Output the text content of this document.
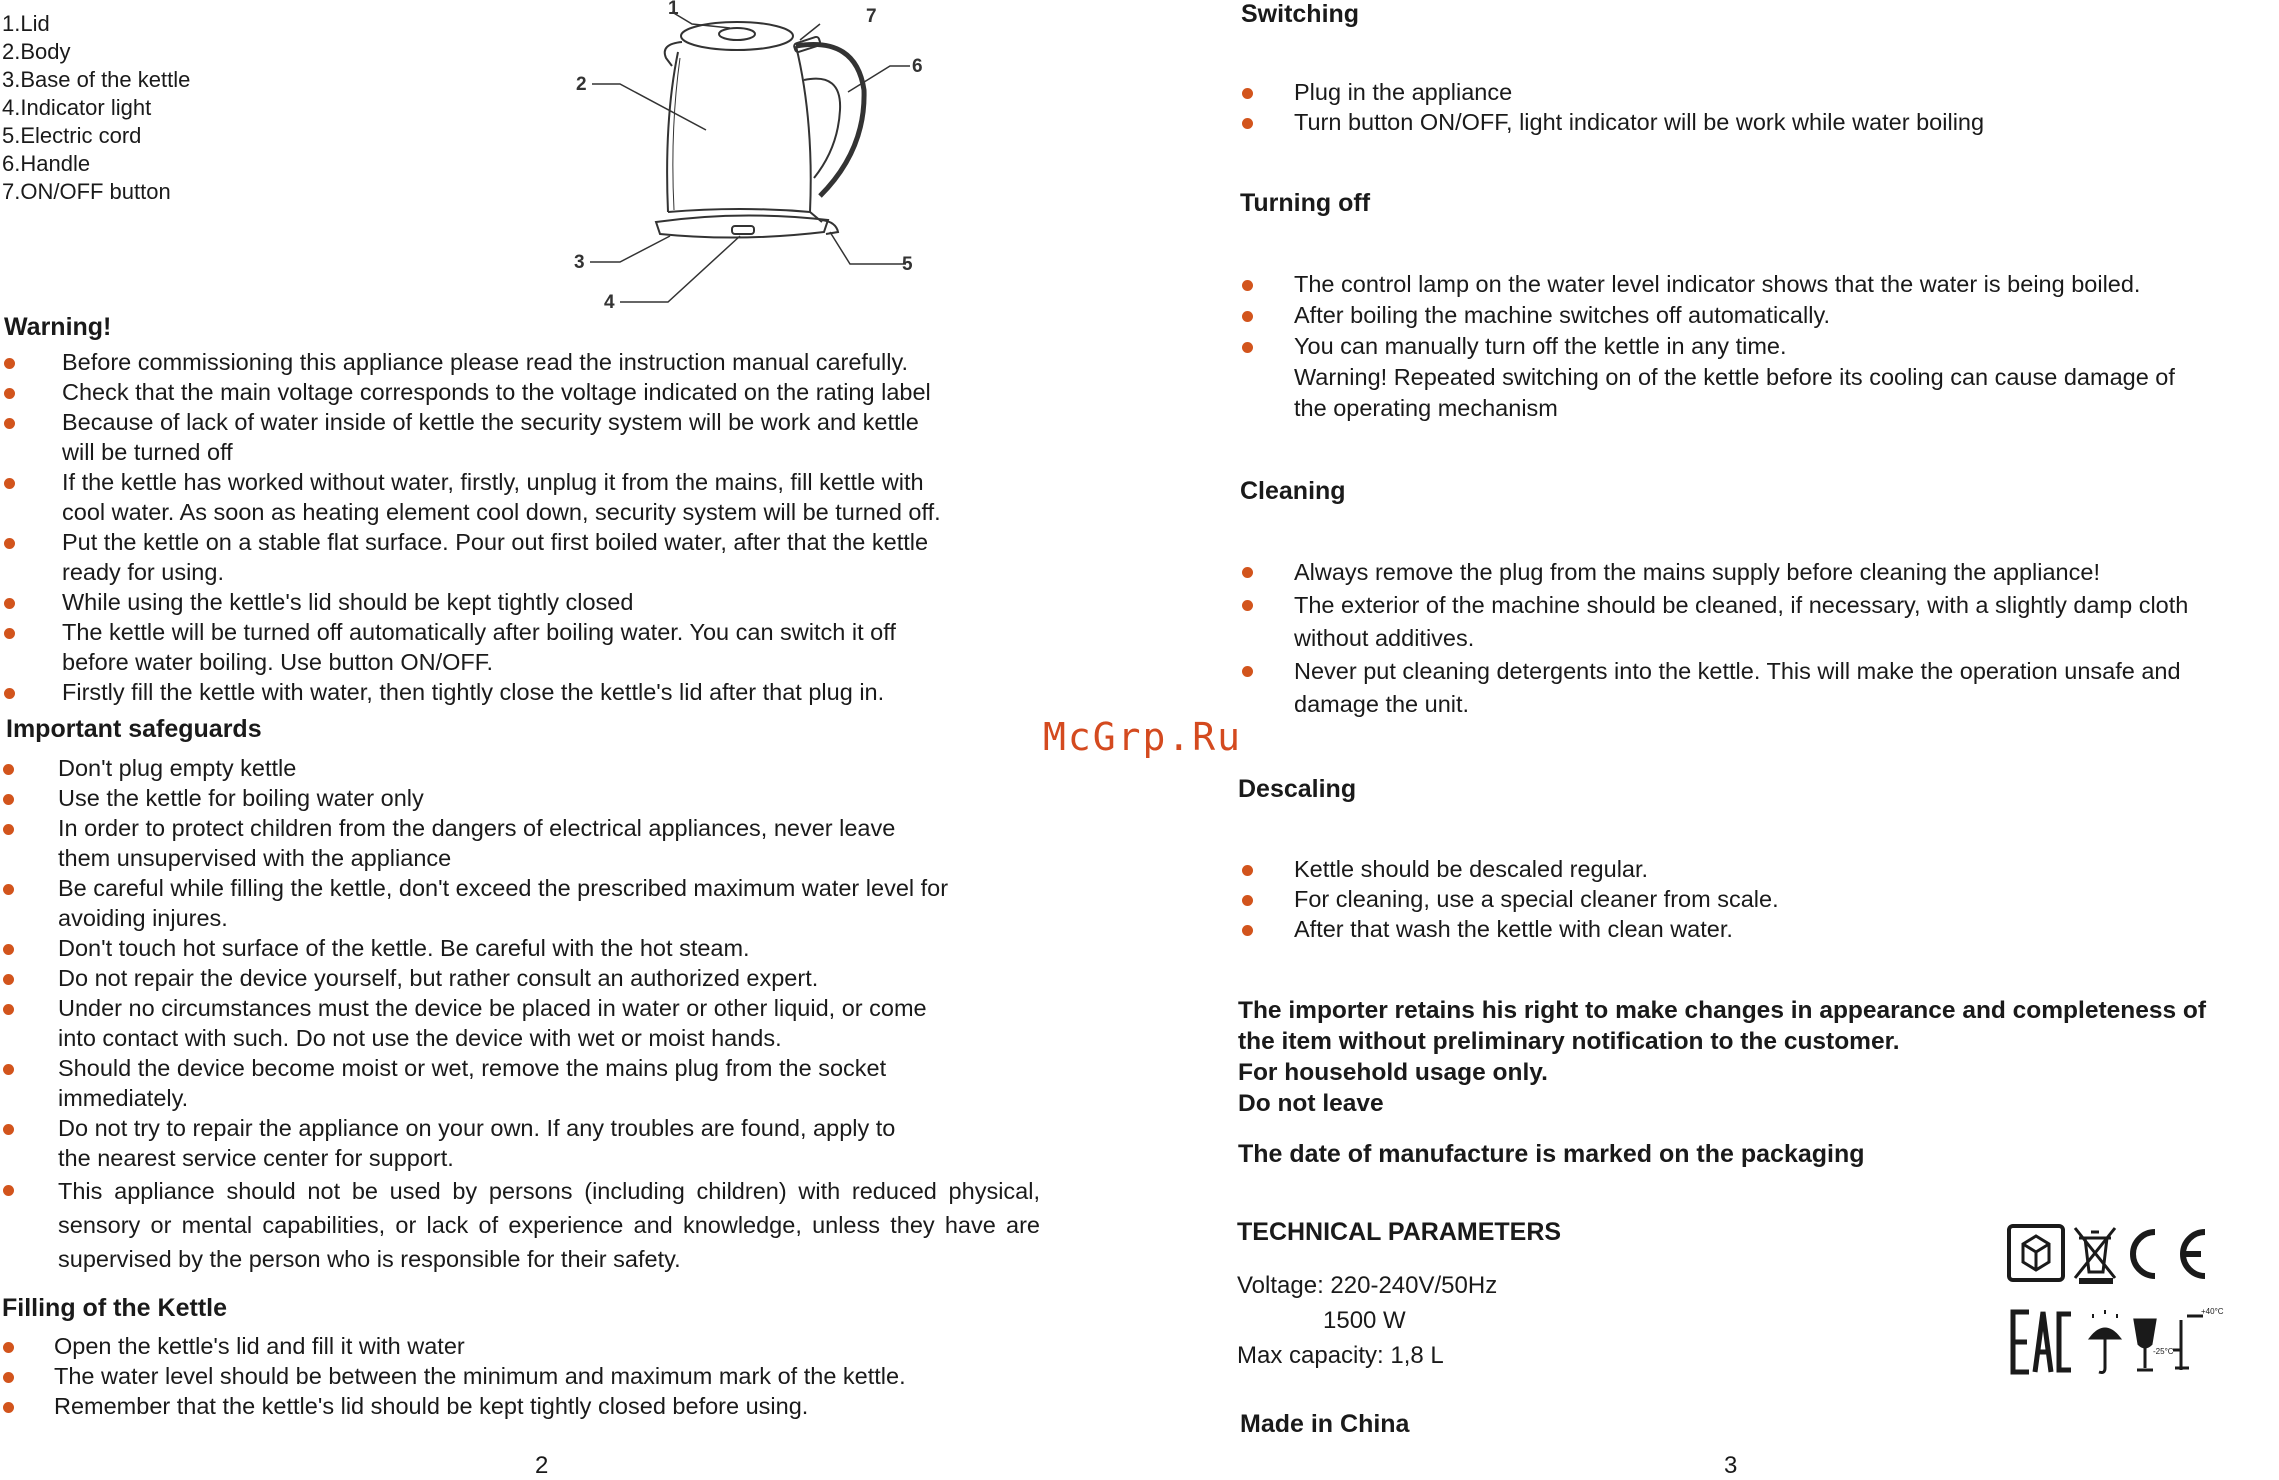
1.Lid
2.Body
3.Base of the kettle
4.Indicator light
5.Electric cord
6.Handle
7.ON/OFF button
1
2
3
4
5
6
7
Warning!
Before commissioning this appliance please read the instruction manual carefully.
Check that the main voltage corresponds to the voltage indicated on the rating label
Because of lack of water inside of kettle the security system will be work and kettle
will be turned off
If the kettle has worked without water, firstly, unplug it from the mains, fill kettle with
cool water. As soon as heating element cool down, security system will be turned off.
Put the kettle on a stable flat surface. Pour out first boiled water, after that the kettle
ready for using.
While using the kettle's lid should be kept tightly closed
The kettle will be turned off automatically after boiling water. You can switch it off
before water boiling. Use button ON/OFF.
Firstly fill the kettle with water, then tightly close the kettle's lid after that plug in.
Important safeguards
Don't plug empty kettle
Use the kettle for boiling water only
In order to protect children from the dangers of electrical appliances, never leave
them unsupervised with the appliance
Be careful while filling the kettle, don't exceed the prescribed maximum water level for
avoiding injures.
Don't touch hot surface of the kettle. Be careful with the hot steam.
Do not repair the device yourself, but rather consult an authorized expert.
Under no circumstances must the device be placed in water or other liquid, or come
into contact with such. Do not use the device with wet or moist hands.
Should the device become moist or wet, remove the mains plug from the socket
immediately.
Do not try to repair the appliance on your own. If any troubles are found, apply to
the nearest service center for support.
This appliance should not be used by persons (including children) with reduced physical, sensory or mental capabilities, or lack of experience and knowledge, unless they have are supervised by the person who is responsible for their safety.
Filling of the Kettle
Open the kettle's lid and fill it with water
The water level should be between the minimum and maximum mark of the kettle.
Remember that the kettle's lid should be kept tightly closed before using.
Switching
Plug in the appliance
Turn button ON/OFF, light indicator will be work while water boiling
Turning off
The control lamp on the water level indicator shows that the water is being boiled.
After boiling the machine switches off automatically.
You can manually turn off the kettle in any time.
Warning! Repeated switching on of the kettle before its cooling can cause damage of
the operating mechanism
Cleaning
Always remove the plug from the mains supply before cleaning the appliance!
The exterior of the machine should be cleaned, if necessary, with a slightly damp cloth
without additives.
Never put cleaning detergents into the kettle. This will make the operation unsafe and
damage the unit.
Descaling
Kettle should be descaled regular.
For cleaning, use a special cleaner from scale.
After that wash the kettle with clean water.
The importer retains his right to make changes in appearance and completeness of
the item without preliminary notification to the customer.
For household usage only.
Do not leave
The date of manufacture is marked on the packaging
TECHNICAL PARAMETERS
Voltage: 220-240V/50Hz
1500 W
Max capacity: 1,8 L
Made in China
+40°C
-25°C
McGrp.Ru
2	3
